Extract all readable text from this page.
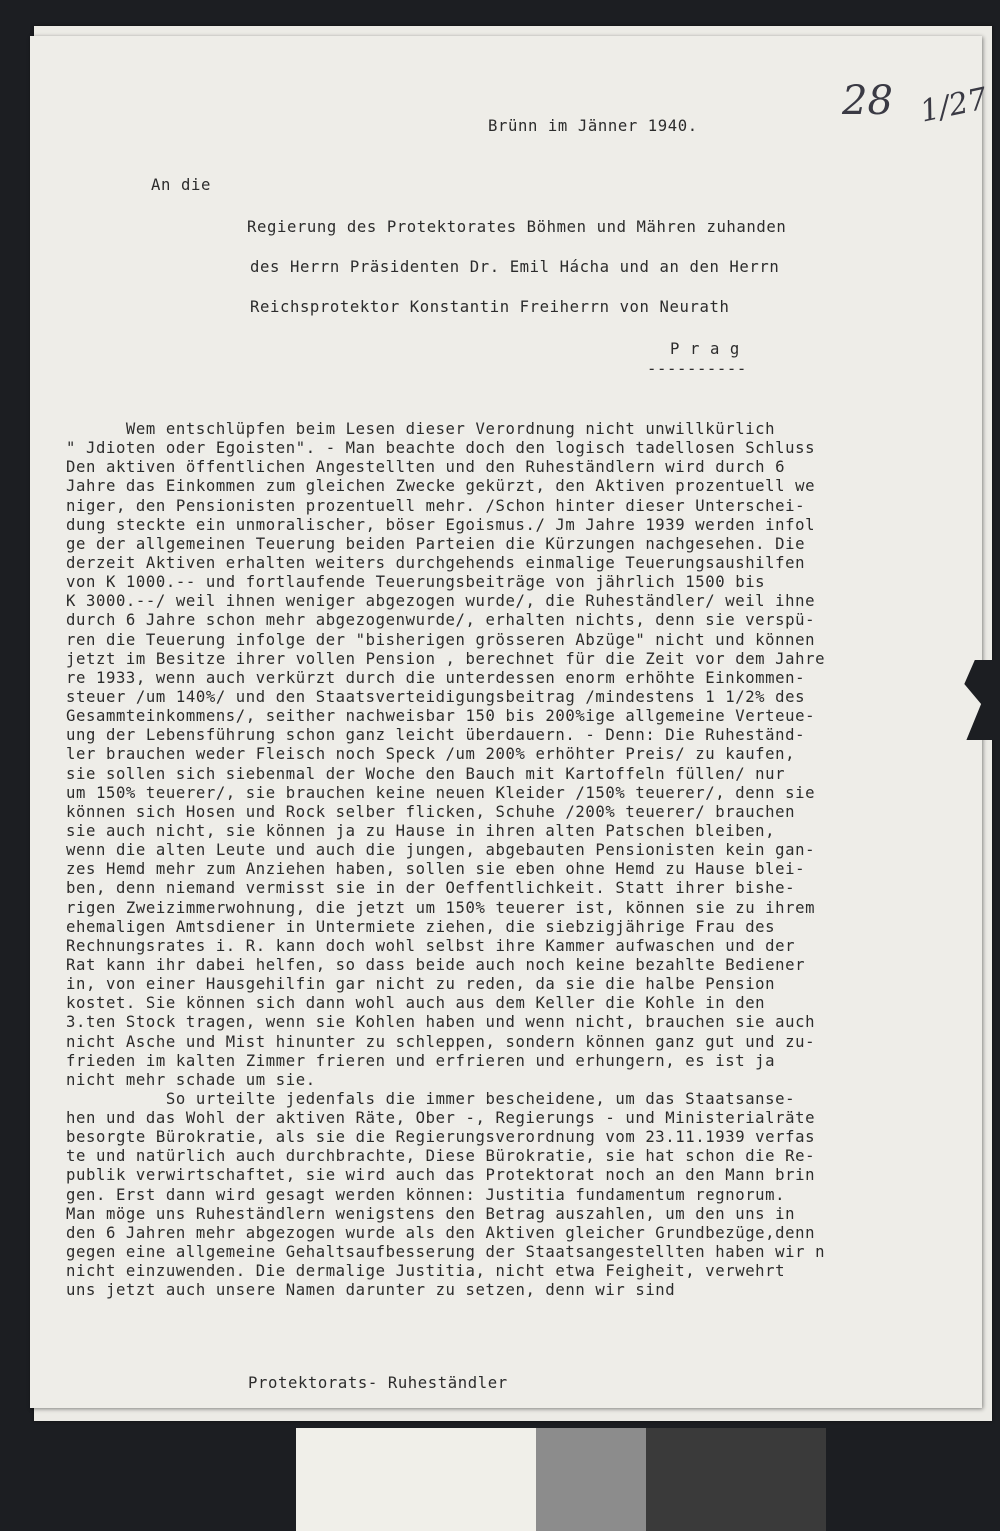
28 1/27
Brünn im Jänner 1940.
An die
Regierung des Protektorates Böhmen und Mähren zuhanden
des Herrn Präsidenten Dr. Emil Hácha und an den Herrn
Reichsprotektor Konstantin Freiherrn von Neurath
P r a g
----------
Wem entschlüpfen beim Lesen dieser Verordnung nicht unwillkürlich
" Jdioten oder Egoisten". - Man beachte doch den logisch tadellosen Schluss
Den aktiven öffentlichen Angestellten und den Ruheständlern wird durch 6
Jahre das Einkommen zum gleichen Zwecke gekürzt, den Aktiven prozentuell we
niger, den Pensionisten prozentuell mehr. /Schon hinter dieser Unterschei-
dung steckte ein unmoralischer, böser Egoismus./ Jm Jahre 1939 werden infol
ge der allgemeinen Teuerung beiden Parteien die Kürzungen nachgesehen. Die
derzeit Aktiven erhalten weiters durchgehends einmalige Teuerungsaushilfen
von K 1000.-- und fortlaufende Teuerungsbeiträge von jährlich 1500 bis
K 3000.--/ weil ihnen weniger abgezogen wurde/, die Ruheständler/ weil ihne
durch 6 Jahre schon mehr abgezogenwurde/, erhalten nichts, denn sie verspü-
ren die Teuerung infolge der "bisherigen grösseren Abzüge" nicht und können
jetzt im Besitze ihrer vollen Pension , berechnet für die Zeit vor dem Jahre
re 1933, wenn auch verkürzt durch die unterdessen enorm erhöhte Einkommen-
steuer /um 140%/ und den Staatsverteidigungsbeitrag /mindestens 1 1/2% des
Gesammteinkommens/, seither nachweisbar 150 bis 200%ige allgemeine Verteue-
ung der Lebensführung schon ganz leicht überdauern. - Denn: Die Ruheständ-
ler brauchen weder Fleisch noch Speck /um 200% erhöhter Preis/ zu kaufen,
sie sollen sich siebenmal der Woche den Bauch mit Kartoffeln füllen/ nur
um 150% teuerer/, sie brauchen keine neuen Kleider /150% teuerer/, denn sie
können sich Hosen und Rock selber flicken, Schuhe /200% teuerer/ brauchen
sie auch nicht, sie können ja zu Hause in ihren alten Patschen bleiben,
wenn die alten Leute und auch die jungen, abgebauten Pensionisten kein gan-
zes Hemd mehr zum Anziehen haben, sollen sie eben ohne Hemd zu Hause blei-
ben, denn niemand vermisst sie in der Oeffentlichkeit. Statt ihrer bishe-
rigen Zweizimmerwohnung, die jetzt um 150% teuerer ist, können sie zu ihrem
ehemaligen Amtsdiener in Untermiete ziehen, die siebzigjährige Frau des
Rechnungsrates i. R. kann doch wohl selbst ihre Kammer aufwaschen und der
Rat kann ihr dabei helfen, so dass beide auch noch keine bezahlte Bediener
in, von einer Hausgehilfin gar nicht zu reden, da sie die halbe Pension
kostet. Sie können sich dann wohl auch aus dem Keller die Kohle in den
3.ten Stock tragen, wenn sie Kohlen haben und wenn nicht, brauchen sie auch
nicht Asche und Mist hinunter zu schleppen, sondern können ganz gut und zu-
frieden im kalten Zimmer frieren und erfrieren und erhungern, es ist ja
nicht mehr schade um sie.
So urteilte jedenfals die immer bescheidene, um das Staatsanse-
hen und das Wohl der aktiven Räte, Ober -, Regierungs - und Ministerialräte
besorgte Bürokratie, als sie die Regierungsverordnung vom 23.11.1939 verfas
te und natürlich auch durchbrachte, Diese Bürokratie, sie hat schon die Re-
publik verwirtschaftet, sie wird auch das Protektorat noch an den Mann brin
gen. Erst dann wird gesagt werden können: Justitia fundamentum regnorum.
Man möge uns Ruheständlern wenigstens den Betrag auszahlen, um den uns in
den 6 Jahren mehr abgezogen wurde als den Aktiven gleicher Grundbezüge,denn
gegen eine allgemeine Gehaltsaufbesserung der Staatsangestellten haben wir n
nicht einzuwenden. Die dermalige Justitia, nicht etwa Feigheit, verwehrt
uns jetzt auch unsere Namen darunter zu setzen, denn wir sind
Protektorats- Ruheständler
